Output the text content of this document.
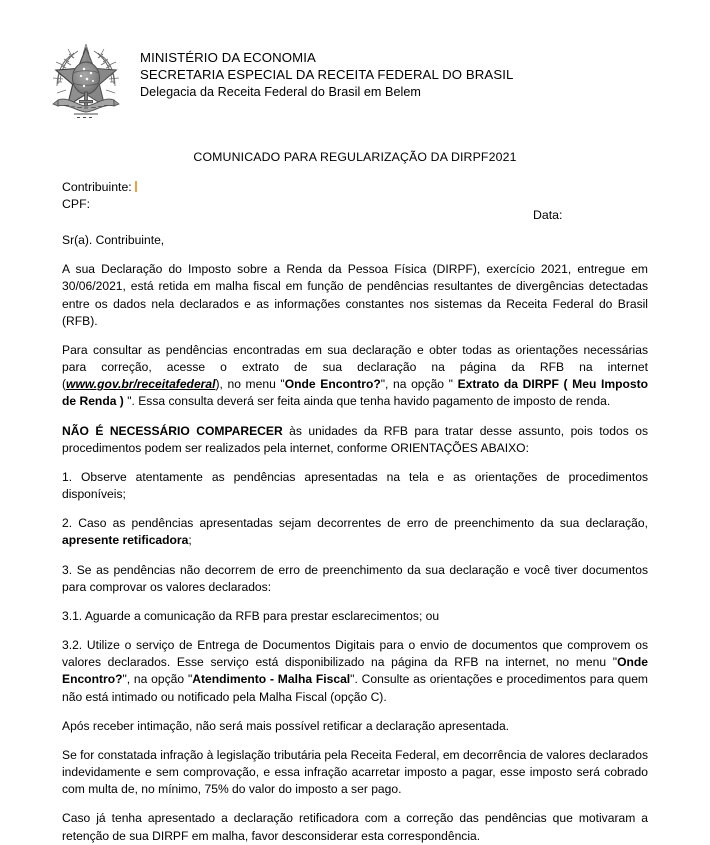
MINISTÉRIO DA ECONOMIA
SECRETARIA ESPECIAL DA RECEITA FEDERAL DO BRASIL
Delegacia da Receita Federal do Brasil em Belem
COMUNICADO PARA REGULARIZAÇÃO DA DIRPF2021
Contribuinte:
CPF:
Data:

Sr(a). Contribuinte,

A sua Declaração do Imposto sobre a Renda da Pessoa Física (DIRPF), exercício 2021, entregue em 30/06/2021, está retida em malha fiscal em função de pendências resultantes de divergências detectadas entre os dados nela declarados e as informações constantes nos sistemas da Receita Federal do Brasil (RFB).

Para consultar as pendências encontradas em sua declaração e obter todas as orientações necessárias para correção, acesse o extrato de sua declaração na página da RFB na internet (www.gov.br/receitafederal), no menu "Onde Encontro?", na opção " Extrato da DIRPF ( Meu Imposto de Renda ) ". Essa consulta deverá ser feita ainda que tenha havido pagamento de imposto de renda.

NÃO É NECESSÁRIO COMPARECER às unidades da RFB para tratar desse assunto, pois todos os procedimentos podem ser realizados pela internet, conforme ORIENTAÇÕES ABAIXO:

1. Observe atentamente as pendências apresentadas na tela e as orientações de procedimentos disponíveis;

2. Caso as pendências apresentadas sejam decorrentes de erro de preenchimento da sua declaração, apresente retificadora;

3. Se as pendências não decorrem de erro de preenchimento da sua declaração e você tiver documentos para comprovar os valores declarados:

3.1. Aguarde a comunicação da RFB para prestar esclarecimentos; ou

3.2. Utilize o serviço de Entrega de Documentos Digitais para o envio de documentos que comprovem os valores declarados. Esse serviço está disponibilizado na página da RFB na internet, no menu "Onde Encontro?", na opção "Atendimento - Malha Fiscal". Consulte as orientações e procedimentos para quem não está intimado ou notificado pela Malha Fiscal (opção C).

Após receber intimação, não será mais possível retificar a declaração apresentada.

Se for constatada infração à legislação tributária pela Receita Federal, em decorrência de valores declarados indevidamente e sem comprovação, e essa infração acarretar imposto a pagar, esse imposto será cobrado com multa de, no mínimo, 75% do valor do imposto a ser pago.

Caso já tenha apresentado a declaração retificadora com a correção das pendências que motivaram a retenção de sua DIRPF em malha, favor desconsiderar esta correspondência.
